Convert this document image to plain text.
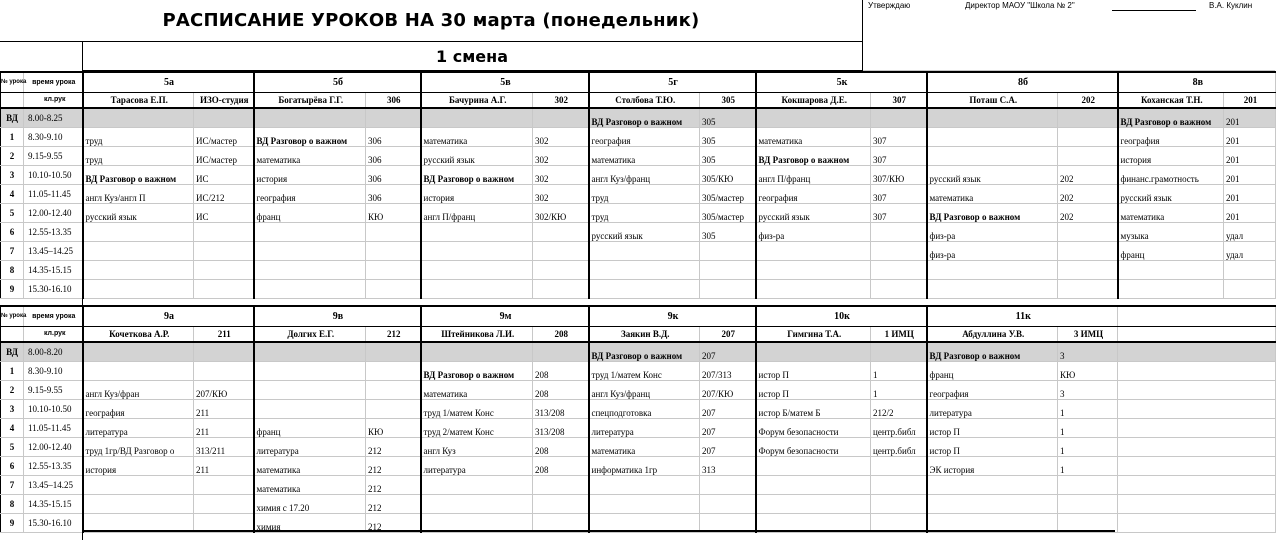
РАСПИСАНИЕ УРОКОВ НА 30 марта (понедельник)
Утверждаю	Директор МАОУ "Школа № 2"	В.А. Куклин
1 смена
№ урока	время урока	5а		5б		5в		5г		5к		8б		8в	
	кл.рук	Тарасова Е.П.	ИЗО-студия	Богатырёва Г.Г.	306	Бачурина А.Г.	302	Столбова Т.Ю.	305	Кокшарова Д.Е.	307	Поташ С.А.	202	Коханская Т.Н.	201
ВД	8.00-8.25							ВД Разговор о важном	305					ВД Разговор о важном	201
1	8.30-9.10	труд	ИС/мастер	ВД Разговор о важном	306	математика	302	география	305	математика	307			география	201
2	9.15-9.55	труд	ИС/мастер	математика	306	русский язык	302	математика	305	ВД Разговор о важном	307			история	201
3	10.10-10.50	ВД Разговор о важном	ИС	история	306	ВД Разговор о важном	302	англ Куз/франц	305/КЮ	англ П/франц	307/КЮ	русский язык	202	финанс.грамотность	201
4	11.05-11.45	англ Куз/англ П	ИС/212	география	306	история	302	труд	305/мастер	география	307	математика	202	русский язык	201
5	12.00-12.40	русский язык	ИС	франц	КЮ	англ П/франц	302/КЮ	труд	305/мастер	русский язык	307	ВД Разговор о важном	202	математика	201
6	12.55-13.35							русский язык	305	физ-ра		физ-ра		музыка	удал
7	13.45–14.25											физ-ра		франц	удал
8	14.35-15.15														
9	15.30-16.10														
№ урока	время урока	9а		9в		9м		9к		10к		11к		
	кл.рук	Кочеткова А.Р.	211	Долгих Е.Г.	212	Штейникова Л.И.	208	Заякин В.Д.	207	Гимгина Т.А.	1 ИМЦ	Абдуллина У.В.	3 ИМЦ	
ВД	8.00-8.20							ВД Разговор о важном	207			ВД Разговор о важном	3	
1	8.30-9.10					ВД Разговор о важном	208	труд 1/матем Конс	207/313	истор П	1	франц	КЮ	
2	9.15-9.55	англ Куз/фран	207/КЮ			математика	208	англ Куз/франц	207/КЮ	истор П	1	география	3	
3	10.10-10.50	география	211			труд 1/матем Конс	313/208	спецподготовка	207	истор Б/матем Б	212/2	литература	1	
4	11.05-11.45	литература	211	франц	КЮ	труд 2/матем Конс	313/208	литература	207	Форум безопасности	центр.библ	истор П	1	
5	12.00-12.40	труд 1гр/ВД Разговор о	313/211	литература	212	англ Куз	208	математика	207	Форум безопасности	центр.библ	истор П	1	
6	12.55-13.35	история	211	математика	212	литература	208	информатика 1гр	313			ЭК история	1	
7	13.45–14.25			математика	212									
8	14.35-15.15			химия с 17.20	212									
9	15.30-16.10			химия	212									
